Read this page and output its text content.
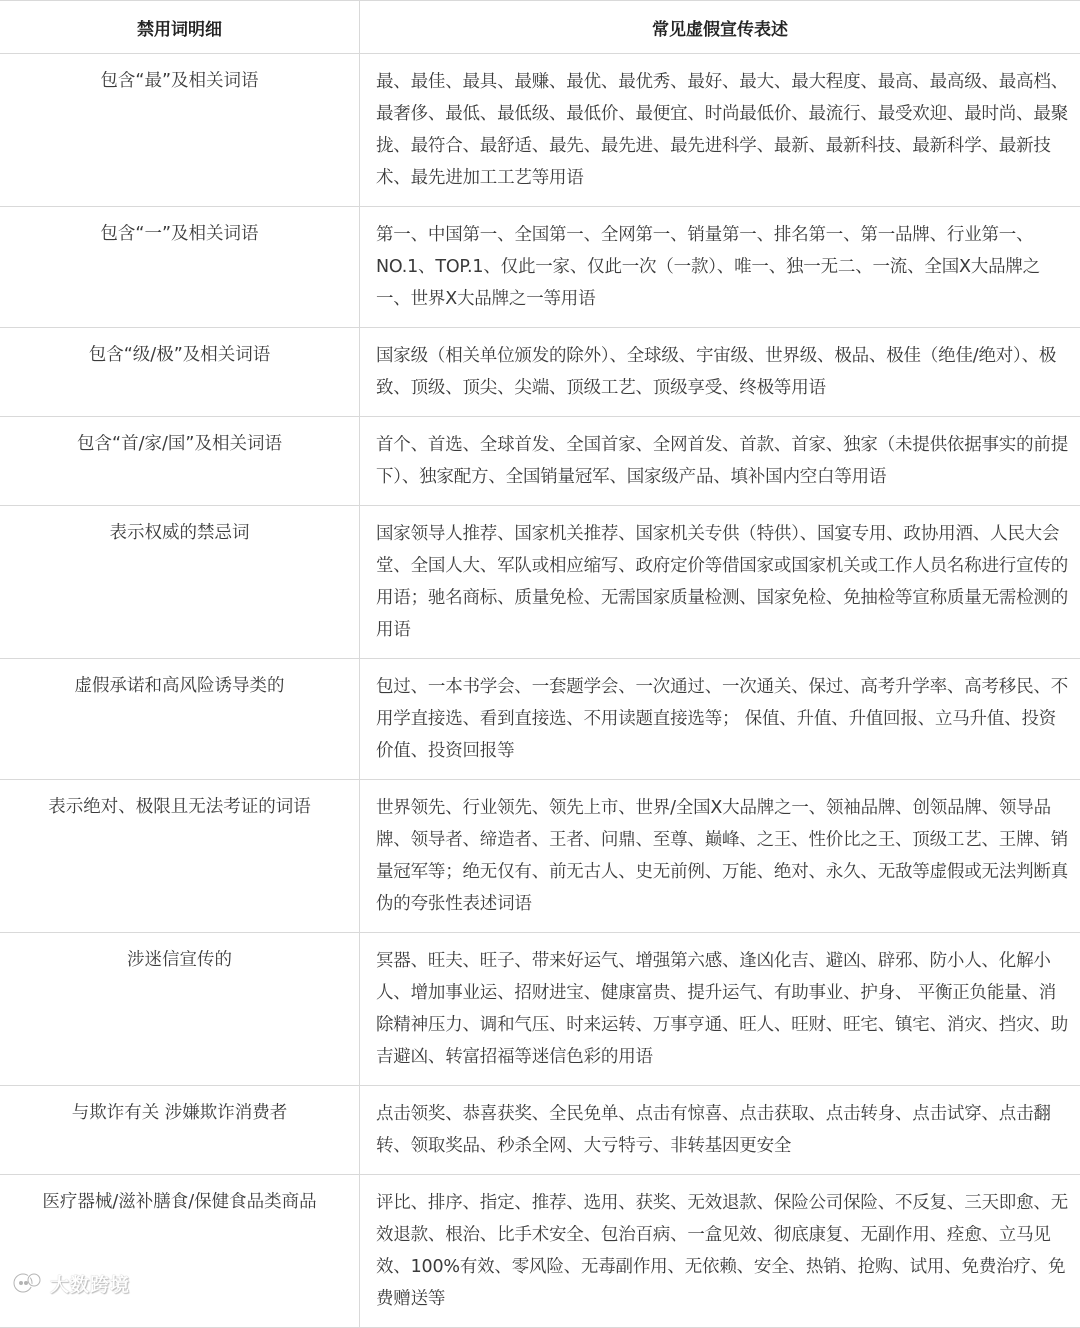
禁用词明细	常见虚假宣传表述
包含“最”及相关词语	最、最佳、最具、最赚、最优、最优秀、最好、最大、最大程度、最高、最高级、最高档、最奢侈、最低、最低级、最低价、最便宜、时尚最低价、最流行、最受欢迎、最时尚、最聚拢、最符合、最舒适、最先、最先进、最先进科学、最新、最新科技、最新科学、最新技术、最先进加工工艺等用语
包含“一”及相关词语	第一、中国第一、全国第一、全网第一、销量第一、排名第一、第一品牌、行业第一、NO.1、TOP.1、仅此一家、仅此一次（一款）、唯一、独一无二、一流、全国X大品牌之一、世界X大品牌之一等用语
包含“级/极”及相关词语	国家级（相关单位颁发的除外）、全球级、宇宙级、世界级、极品、极佳（绝佳/绝对）、极致、顶级、顶尖、尖端、顶级工艺、顶级享受、终极等用语
包含“首/家/国”及相关词语	首个、首选、全球首发、全国首家、全网首发、首款、首家、独家（未提供依据事实的前提下）、独家配方、全国销量冠军、国家级产品、填补国内空白等用语
表示权威的禁忌词	国家领导人推荐、国家机关推荐、国家机关专供（特供）、国宴专用、政协用酒、人民大会堂、全国人大、军队或相应缩写、政府定价等借国家或国家机关或工作人员名称进行宣传的用语；驰名商标、质量免检、无需国家质量检测、国家免检、免抽检等宣称质量无需检测的用语
虚假承诺和高风险诱导类的	包过、一本书学会、一套题学会、一次通过、一次通关、保过、高考升学率、高考移民、不用学直接选、看到直接选、不用读题直接选等； 保值、升值、升值回报、立马升值、投资价值、投资回报等
表示绝对、极限且无法考证的词语	世界领先、行业领先、领先上市、世界/全国X大品牌之一、领袖品牌、创领品牌、领导品牌、领导者、缔造者、王者、问鼎、至尊、巅峰、之王、性价比之王、顶级工艺、王牌、销量冠军等；绝无仅有、前无古人、史无前例、万能、绝对、永久、无敌等虚假或无法判断真伪的夸张性表述词语
涉迷信宣传的	冥器、旺夫、旺子、带来好运气、增强第六感、逢凶化吉、避凶、辟邪、防小人、化解小人、增加事业运、招财进宝、健康富贵、提升运气、有助事业、护身、 平衡正负能量、消除精神压力、调和气压、时来运转、万事亨通、旺人、旺财、旺宅、镇宅、消灾、挡灾、助吉避凶、转富招福等迷信色彩的用语
与欺诈有关 涉嫌欺诈消费者	点击领奖、恭喜获奖、全民免单、点击有惊喜、点击获取、点击转身、点击试穿、点击翻转、领取奖品、秒杀全网、大亏特亏、非转基因更安全
医疗器械/滋补膳食/保健食品类商品	评比、排序、指定、推荐、选用、获奖、无效退款、保险公司保险、不反复、三天即愈、无效退款、根治、比手术安全、包治百病、一盒见效、彻底康复、无副作用、痊愈、立马见效、100%有效、零风险、无毒副作用、无依赖、安全、热销、抢购、试用、免费治疗、免费赠送等
大数跨境
